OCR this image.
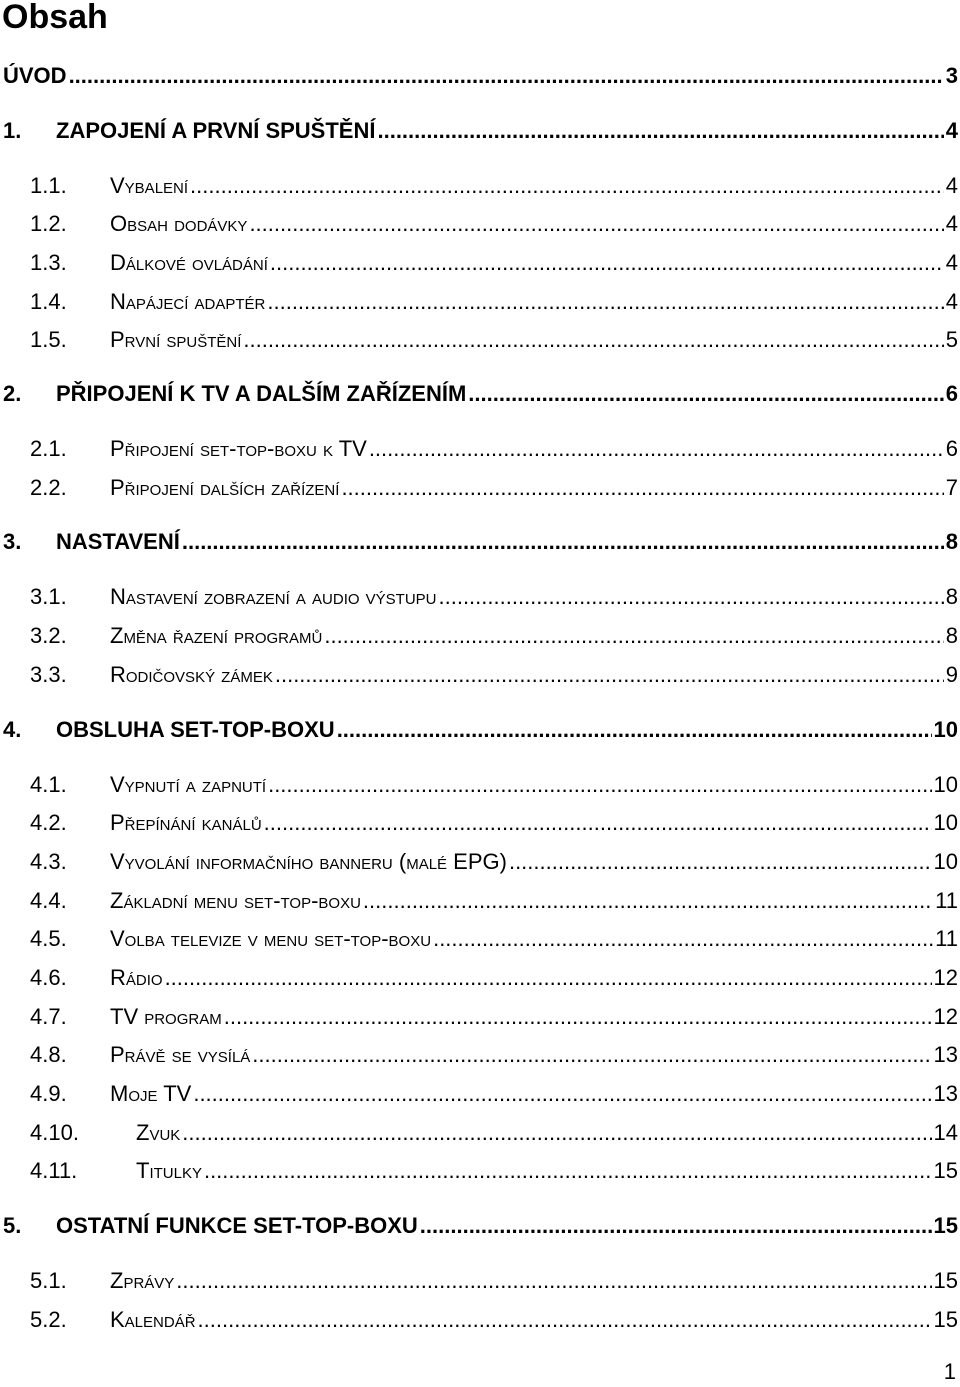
Obsah
ÚVOD .....	3
1.	ZAPOJENÍ A PRVNÍ SPUŠTĚNÍ .....	4
1.1.	Vybalení .....	4
1.2.	Obsah dodávky .....	4
1.3.	Dálkové ovládání .....	4
1.4.	Napájecí adaptér .....	4
1.5.	První spuštění .....	5
2.	PŘIPOJENÍ K TV A DALŠÍM ZAŘÍZENÍM .....	6
2.1.	Připojení set-top-boxu k TV .....	6
2.2.	Připojení dalších zařízení .....	7
3.	NASTAVENÍ .....	8
3.1.	Nastavení zobrazení a audio výstupu .....	8
3.2.	Změna řazení programů .....	8
3.3.	Rodičovský zámek .....	9
4.	OBSLUHA SET-TOP-BOXU .....	10
4.1.	Vypnutí a zapnutí .....	10
4.2.	Přepínání kanálů .....	10
4.3.	Vyvolání informačního banneru (malé EPG) .....	10
4.4.	Základní menu set-top-boxu .....	11
4.5.	Volba televize v menu set-top-boxu .....	11
4.6.	Rádio .....	12
4.7.	TV program .....	12
4.8.	Právě se vysílá .....	13
4.9.	Moje TV .....	13
4.10.	Zvuk .....	14
4.11.	Titulky .....	15
5.	OSTATNÍ FUNKCE SET-TOP-BOXU .....	15
5.1.	Zprávy .....	15
5.2.	Kalendář .....	15
1
